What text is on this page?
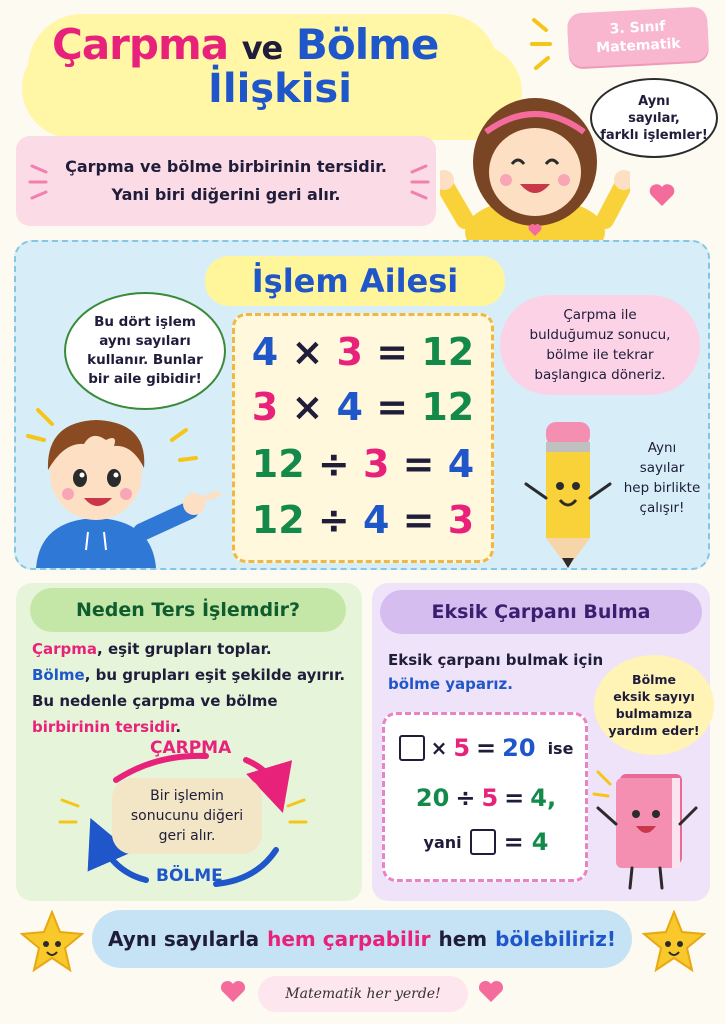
Çarpma ve Bölme
İlişkisi
3. Sınıf
Matematik
Aynı
sayılar,
farklı işlemler!
Çarpma ve bölme birbirinin tersidir.
Yani biri diğerini geri alır.
İşlem Ailesi
4 × 3 = 12
3 × 4 = 12
12 ÷ 3 = 4
12 ÷ 4 = 3
Bu dört işlem
aynı sayıları
kullanır. Bunlar
bir aile gibidir!
Çarpma ile
bulduğumuz sonucu,
bölme ile tekrar
başlangıca döneriz.
Aynı
sayılar
hep birlikte
çalışır!
Neden Ters İşlemdir?
Çarpma, eşit grupları toplar.
Bölme, bu grupları eşit şekilde ayırır.
Bu nedenle çarpma ve bölme
birbirinin tersidir.
ÇARPMA
Bir işlemin
sonucunu diğeri
geri alır.
BÖLME
Eksik Çarpanı Bulma
Eksik çarpanı bulmak için
bölme yaparız.	Bölme
eksik sayıyı
bulmamıza
yardım eder!
× 5 = 20 ise
20 ÷ 5 = 4,
yani = 4
Aynı sayılarla hem çarpabilir hem bölebiliriz!
Matematik her yerde!
